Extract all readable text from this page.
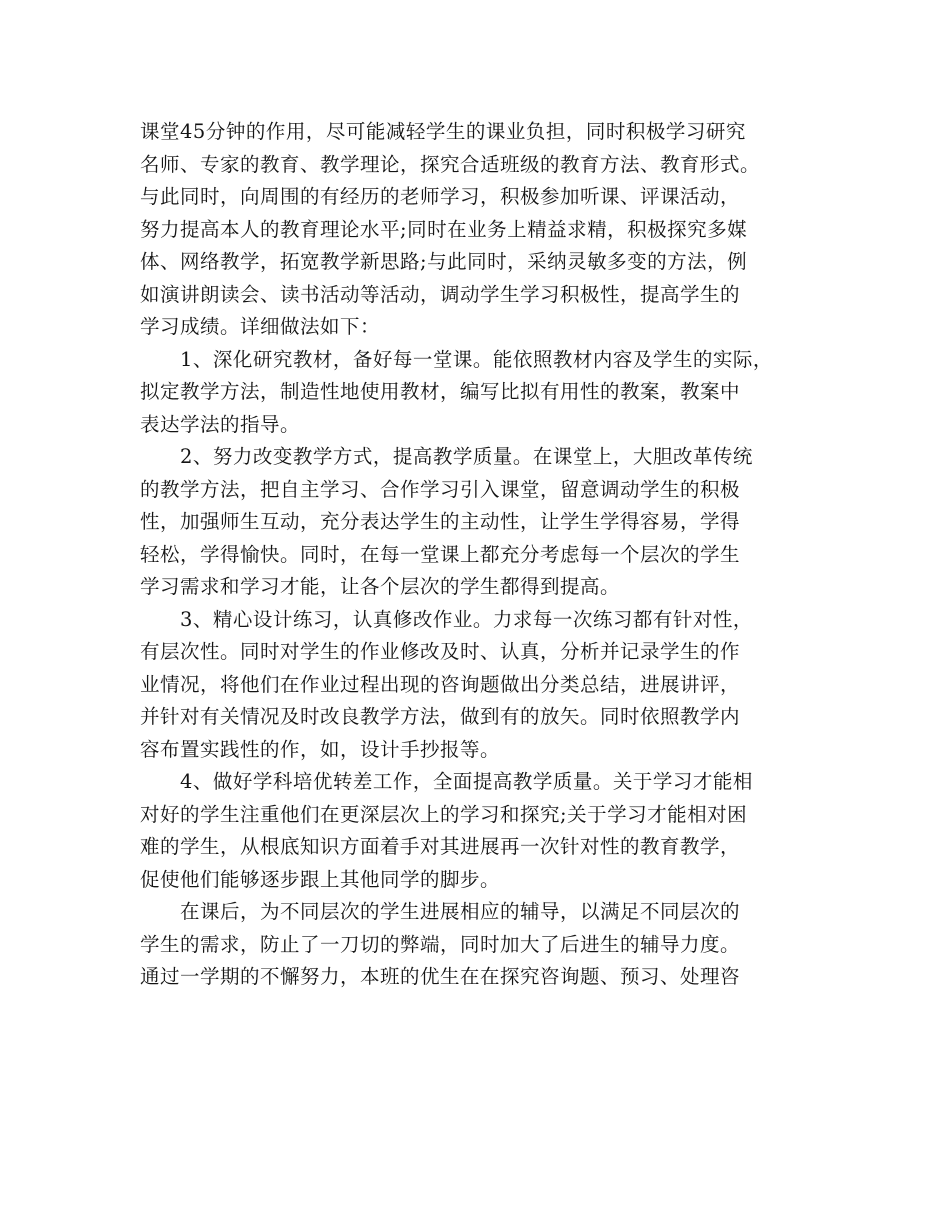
课堂45分钟的作用，尽可能减轻学生的课业负担，同时积极学习研究
名师、专家的教育、教学理论，探究合适班级的教育方法、教育形式。
与此同时，向周围的有经历的老师学习，积极参加听课、评课活动，
努力提高本人的教育理论水平;同时在业务上精益求精，积极探究多媒
体、网络教学，拓宽教学新思路;与此同时，采纳灵敏多变的方法，例
如演讲朗读会、读书活动等活动，调动学生学习积极性，提高学生的
学习成绩。详细做法如下：
　　1、深化研究教材，备好每一堂课。能依照教材内容及学生的实际，
拟定教学方法，制造性地使用教材，编写比拟有用性的教案，教案中
表达学法的指导。
　　2、努力改变教学方式，提高教学质量。在课堂上，大胆改革传统
的教学方法，把自主学习、合作学习引入课堂，留意调动学生的积极
性，加强师生互动，充分表达学生的主动性，让学生学得容易，学得
轻松，学得愉快。同时，在每一堂课上都充分考虑每一个层次的学生
学习需求和学习才能，让各个层次的学生都得到提高。
　　3、精心设计练习，认真修改作业。力求每一次练习都有针对性，
有层次性。同时对学生的作业修改及时、认真，分析并记录学生的作
业情况，将他们在作业过程出现的咨询题做出分类总结，进展讲评，
并针对有关情况及时改良教学方法，做到有的放矢。同时依照教学内
容布置实践性的作，如，设计手抄报等。
　　4、做好学科培优转差工作，全面提高教学质量。关于学习才能相
对好的学生注重他们在更深层次上的学习和探究;关于学习才能相对困
难的学生，从根底知识方面着手对其进展再一次针对性的教育教学，
促使他们能够逐步跟上其他同学的脚步。
　　在课后，为不同层次的学生进展相应的辅导，以满足不同层次的
学生的需求，防止了一刀切的弊端，同时加大了后进生的辅导力度。
通过一学期的不懈努力，本班的优生在在探究咨询题、预习、处理咨
